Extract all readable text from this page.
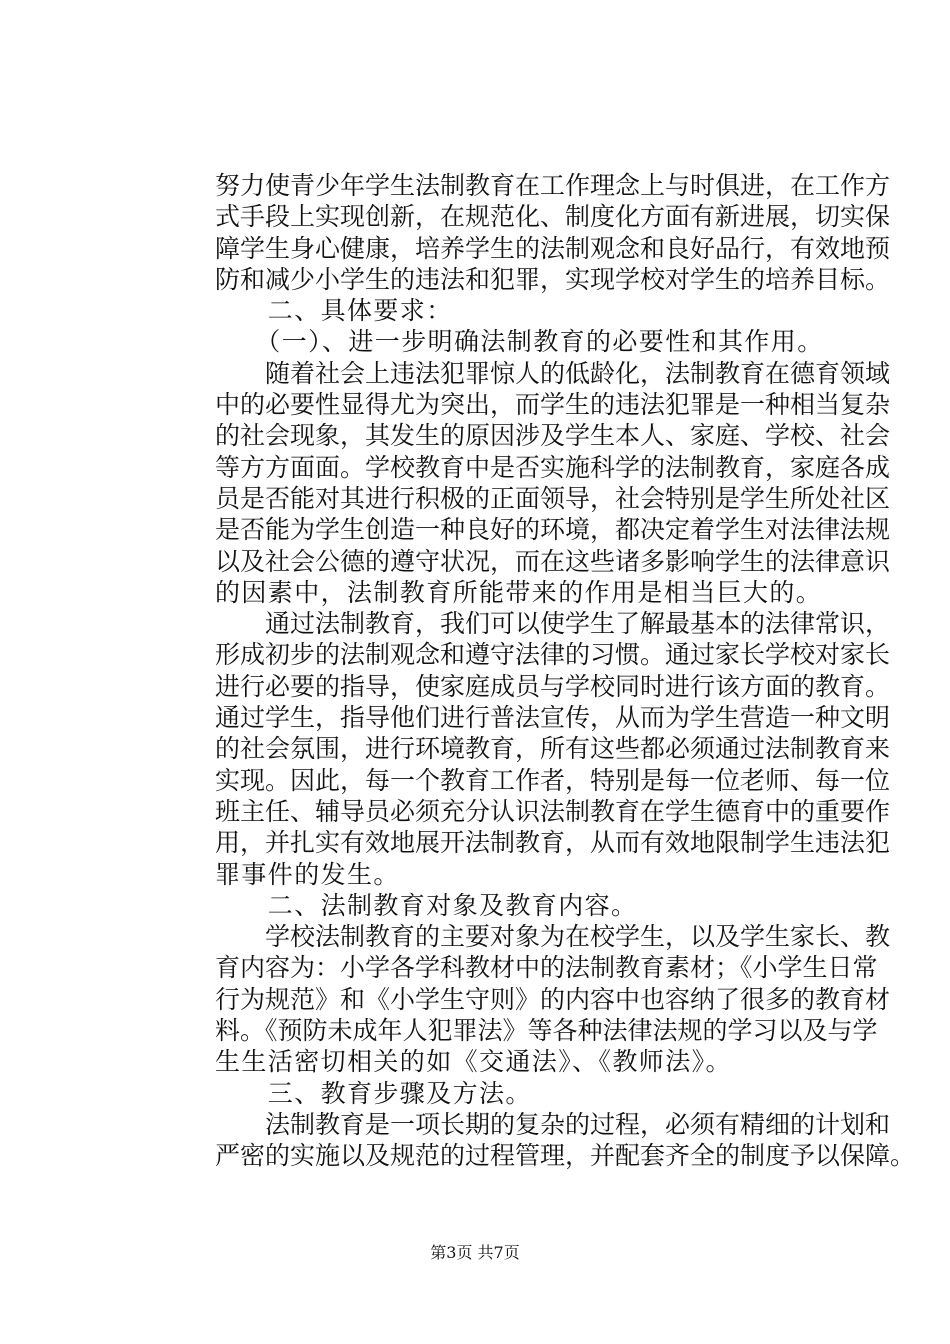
努力使青少年学生法制教育在工作理念上与时俱进，在工作方
式手段上实现创新，在规范化、制度化方面有新进展，切实保
障学生身心健康，培养学生的法制观念和良好品行，有效地预
防和减少小学生的违法和犯罪，实现学校对学生的培养目标。
　　二、具体要求：
　　（一）、进一步明确法制教育的必要性和其作用。
　　随着社会上违法犯罪惊人的低龄化，法制教育在德育领域
中的必要性显得尤为突出，而学生的违法犯罪是一种相当复杂
的社会现象，其发生的原因涉及学生本人、家庭、学校、社会
等方方面面。学校教育中是否实施科学的法制教育，家庭各成
员是否能对其进行积极的正面领导，社会特别是学生所处社区
是否能为学生创造一种良好的环境，都决定着学生对法律法规
以及社会公德的遵守状况，而在这些诸多影响学生的法律意识
的因素中，法制教育所能带来的作用是相当巨大的。
　　通过法制教育，我们可以使学生了解最基本的法律常识，
形成初步的法制观念和遵守法律的习惯。通过家长学校对家长
进行必要的指导，使家庭成员与学校同时进行该方面的教育。
通过学生，指导他们进行普法宣传，从而为学生营造一种文明
的社会氛围，进行环境教育，所有这些都必须通过法制教育来
实现。因此，每一个教育工作者，特别是每一位老师、每一位
班主任、辅导员必须充分认识法制教育在学生德育中的重要作
用，并扎实有效地展开法制教育，从而有效地限制学生违法犯
罪事件的发生。
　　二、法制教育对象及教育内容。
　　学校法制教育的主要对象为在校学生，以及学生家长、教
育内容为：小学各学科教材中的法制教育素材；《小学生日常
行为规范》和《小学生守则》的内容中也容纳了很多的教育材
料。《预防未成年人犯罪法》等各种法律法规的学习以及与学
生生活密切相关的如《交通法》、《教师法》。
　　三、教育步骤及方法。
　　法制教育是一项长期的复杂的过程，必须有精细的计划和
严密的实施以及规范的过程管理，并配套齐全的制度予以保障。
第3页 共7页
